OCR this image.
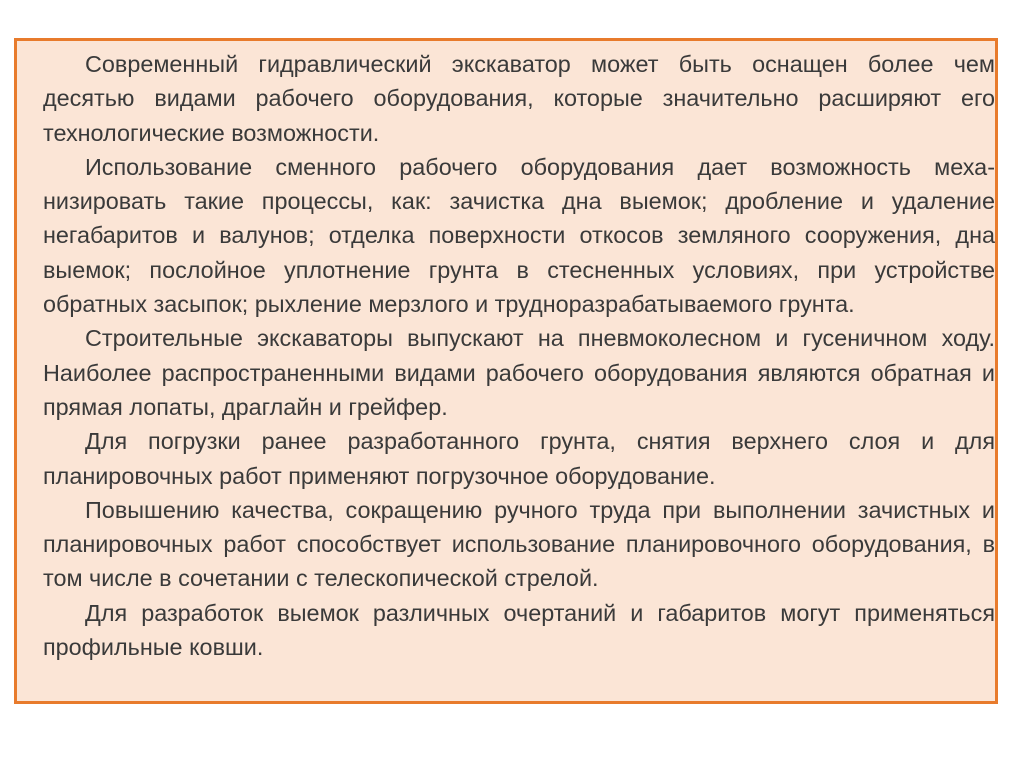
Современный гидравлический экскаватор может быть оснащен более чем десятью видами рабочего оборудования, которые значительно расширяют его технологические возможности.

Использование сменного рабочего оборудования дает возможность механизировать такие процессы, как: зачистка дна выемок; дробление и удаление негабаритов и валунов; отделка поверхности откосов земляного сооружения, дна выемок; послойное уплотнение грунта в стесненных условиях, при устройстве обратных засыпок; рыхление мерзлого и трудноразрабатываемого грунта.

Строительные экскаваторы выпускают на пневмоколесном и гусеничном ходу. Наиболее распространенными видами рабочего оборудования являются обратная и прямая лопаты, драглайн и грейфер.

Для погрузки ранее разработанного грунта, снятия верхнего слоя и для планировочных работ применяют погрузочное оборудование.

Повышению качества, сокращению ручного труда при выполнении зачистных и планировочных работ способствует использование планировочного оборудования, в том числе в сочетании с телескопической стрелой.

Для разработок выемок различных очертаний и габаритов могут применяться профильные ковши.
